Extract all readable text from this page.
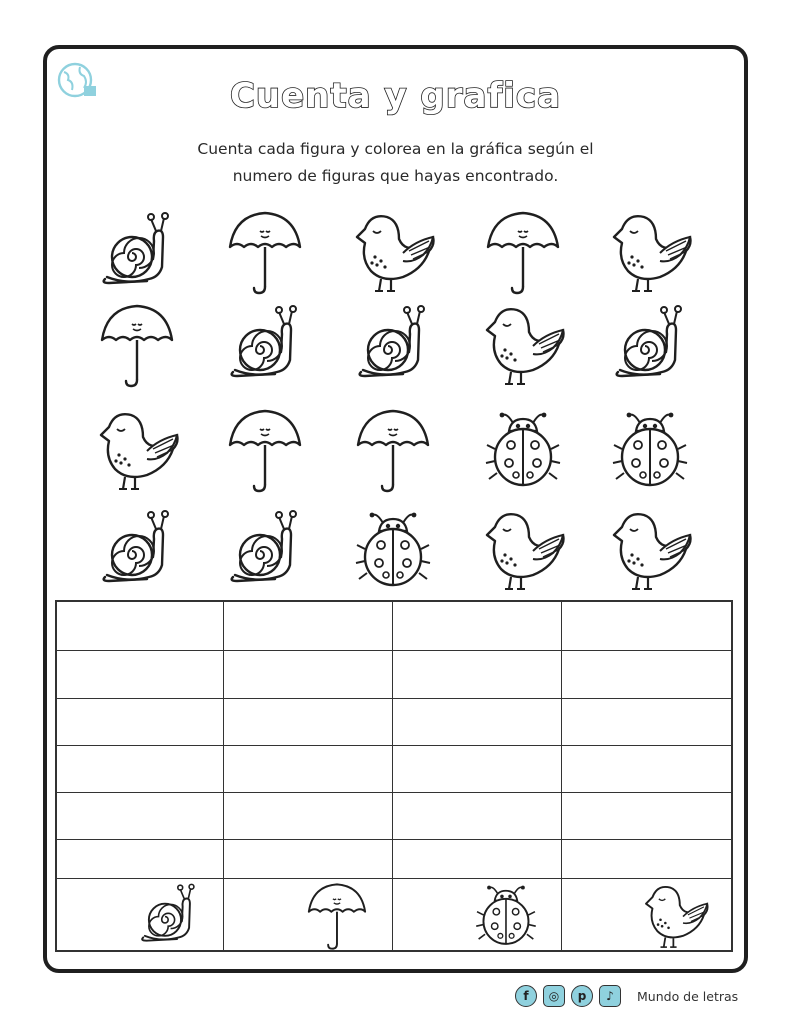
Cuenta y grafica
Cuenta cada figura y colorea en la gráfica según el
numero de figuras que hayas encontrado.
f	◎	p	♪	Mundo de letras
